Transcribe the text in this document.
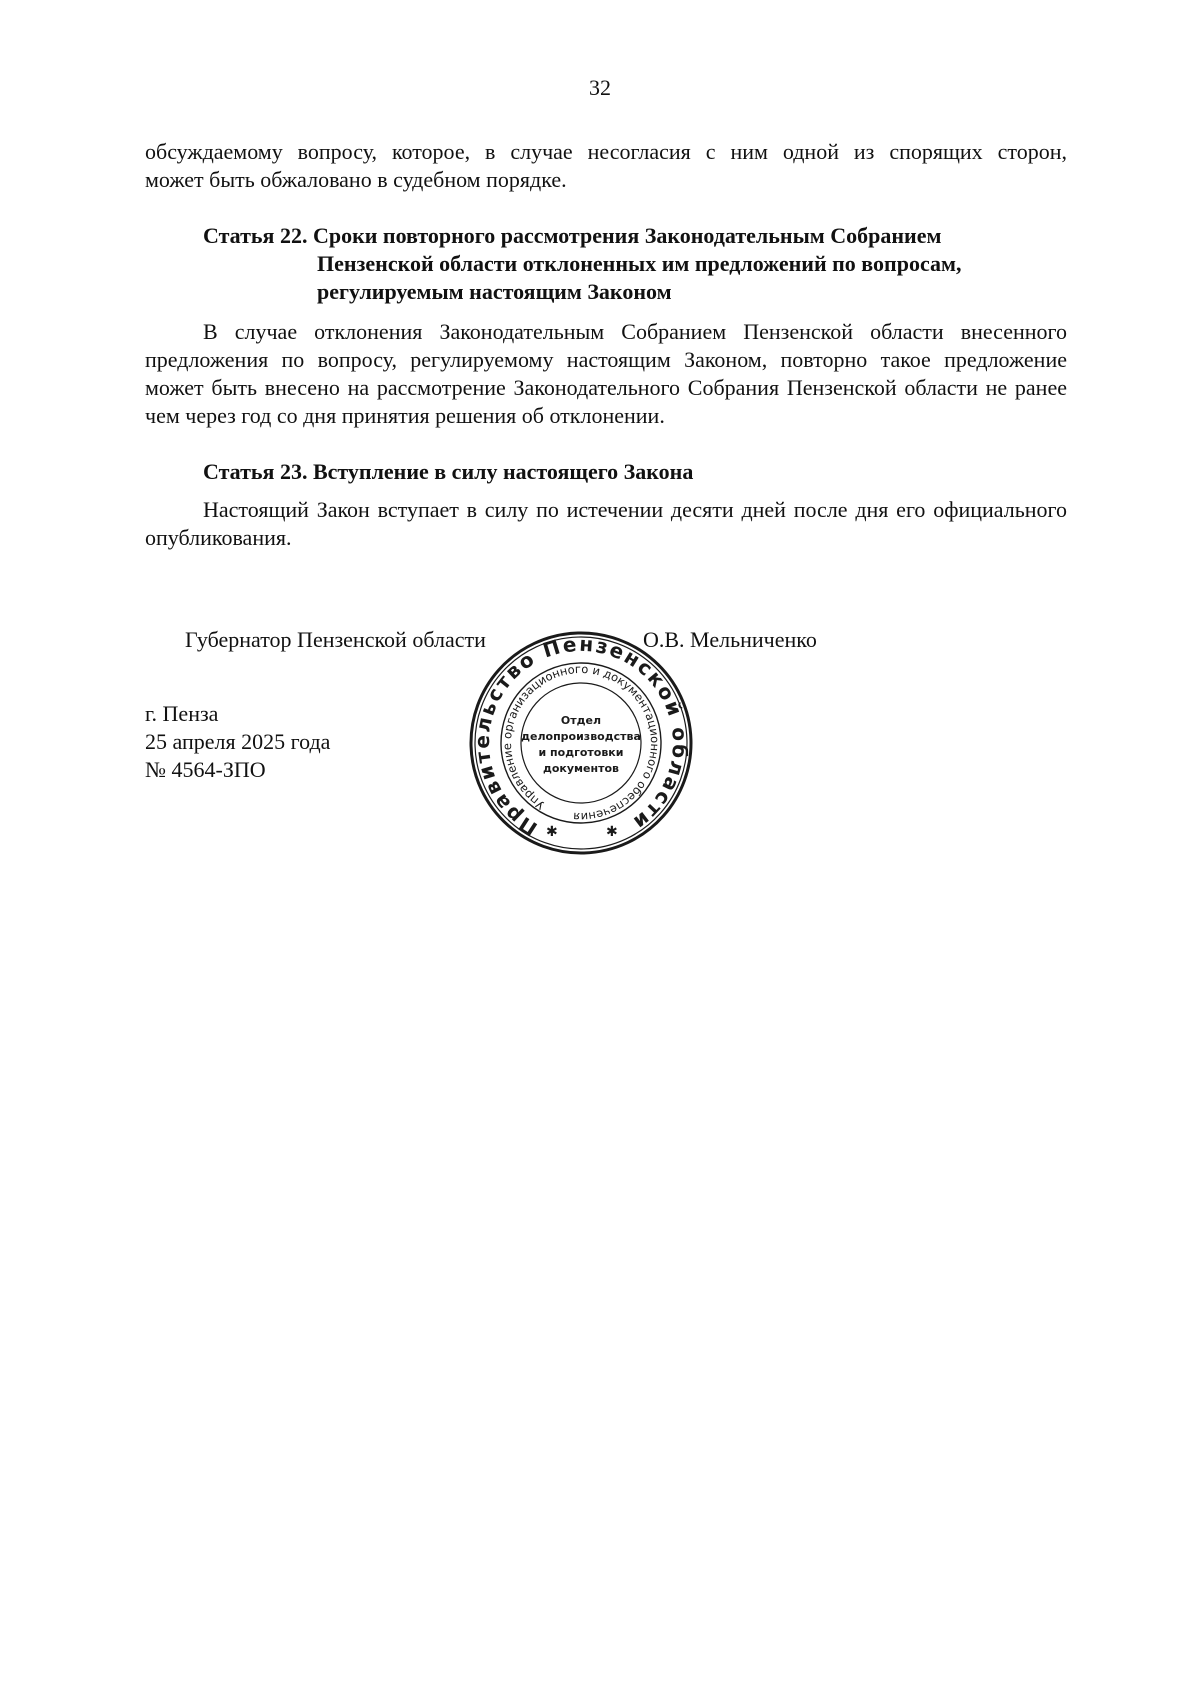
32
обсуждаемому вопросу, которое, в случае несогласия с ним одной из спорящих сторон,
может быть обжаловано в судебном порядке.
Статья 22. Сроки повторного рассмотрения Законодательным Собранием
Пензенской области отклоненных им предложений по вопросам,
регулируемым настоящим Законом

В случае отклонения Законодательным Собранием Пензенской области внесенного предложения по вопросу, регулируемому настоящим Законом, повторно такое предложение может быть внесено на рассмотрение Законодательного Собрания Пензенской области не ранее чем через год со дня принятия решения об отклонении.

Статья 23. Вступление в силу настоящего Закона

Настоящий Закон вступает в силу по истечении десяти дней после дня его официального опубликования.

Правительство Пензенской области
Управление организационного и документационного обеспечения
✱	✱
Отдел
делопроизводства
и подготовки
документов
Губернатор Пензенской области	О.В. Мельниченко
г. Пенза
25 апреля 2025 года
№ 4564-ЗПО
